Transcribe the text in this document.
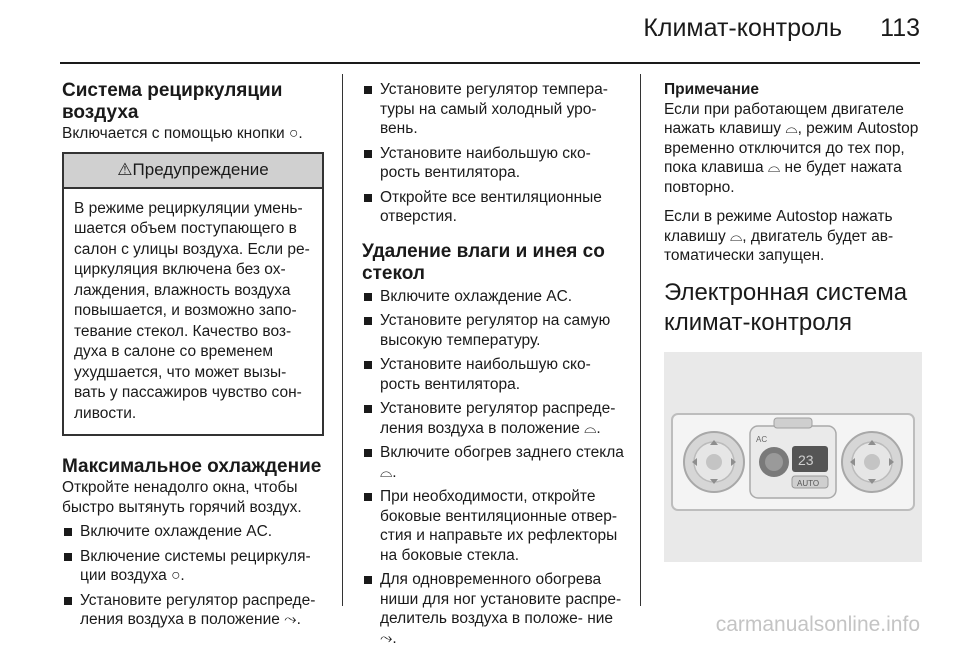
Климат-контроль 113
Система рециркуляции воздуха

Включается с помощью кнопки ○.

⚠Предупреждение
В режиме рециркуляции умень- шается объем поступающего в салон с улицы воздуха. Если ре- циркуляция включена без ох- лаждения, влажность воздуха повышается, и возможно запо- тевание стекол. Качество воз- духа в салоне со временем ухудшается, что может вызы- вать у пассажиров чувство сон- ливости.
Максимальное охлаждение

Откройте ненадолго окна, чтобы быстро вытянуть горячий воздух.

Включите охлаждение AC.
Включение системы рециркуля- ции воздуха ○.
Установите регулятор распреде- ления воздуха в положение ⤳.
Установите регулятор темпера- туры на самый холодный уро- вень.
Установите наибольшую ско- рость вентилятора.
Откройте все вентиляционные отверстия.
Удаление влаги и инея со стекол
Включите охлаждение AC.
Установите регулятор на самую высокую температуру.
Установите наибольшую ско- рость вентилятора.
Установите регулятор распреде- ления воздуха в положение ⌓.
Включите обогрев заднего стекла ⌓.
При необходимости, откройте боковые вентиляционные отвер- стия и направьте их рефлекторы на боковые стекла.
Для одновременного обогрева ниши для ног установите распре- делитель воздуха в положе- ние ⤳.

Примечание

Если при работающем двигателе нажать клавишу ⌓, режим Autostop временно отключится до тех пор, пока клавиша ⌓ не будет нажата повторно.

Если в режиме Autostop нажать клавишу ⌓, двигатель будет ав- томатически запущен.

Электронная система климат-контроля
23
AC
AUTO
carmanualsonline.info
